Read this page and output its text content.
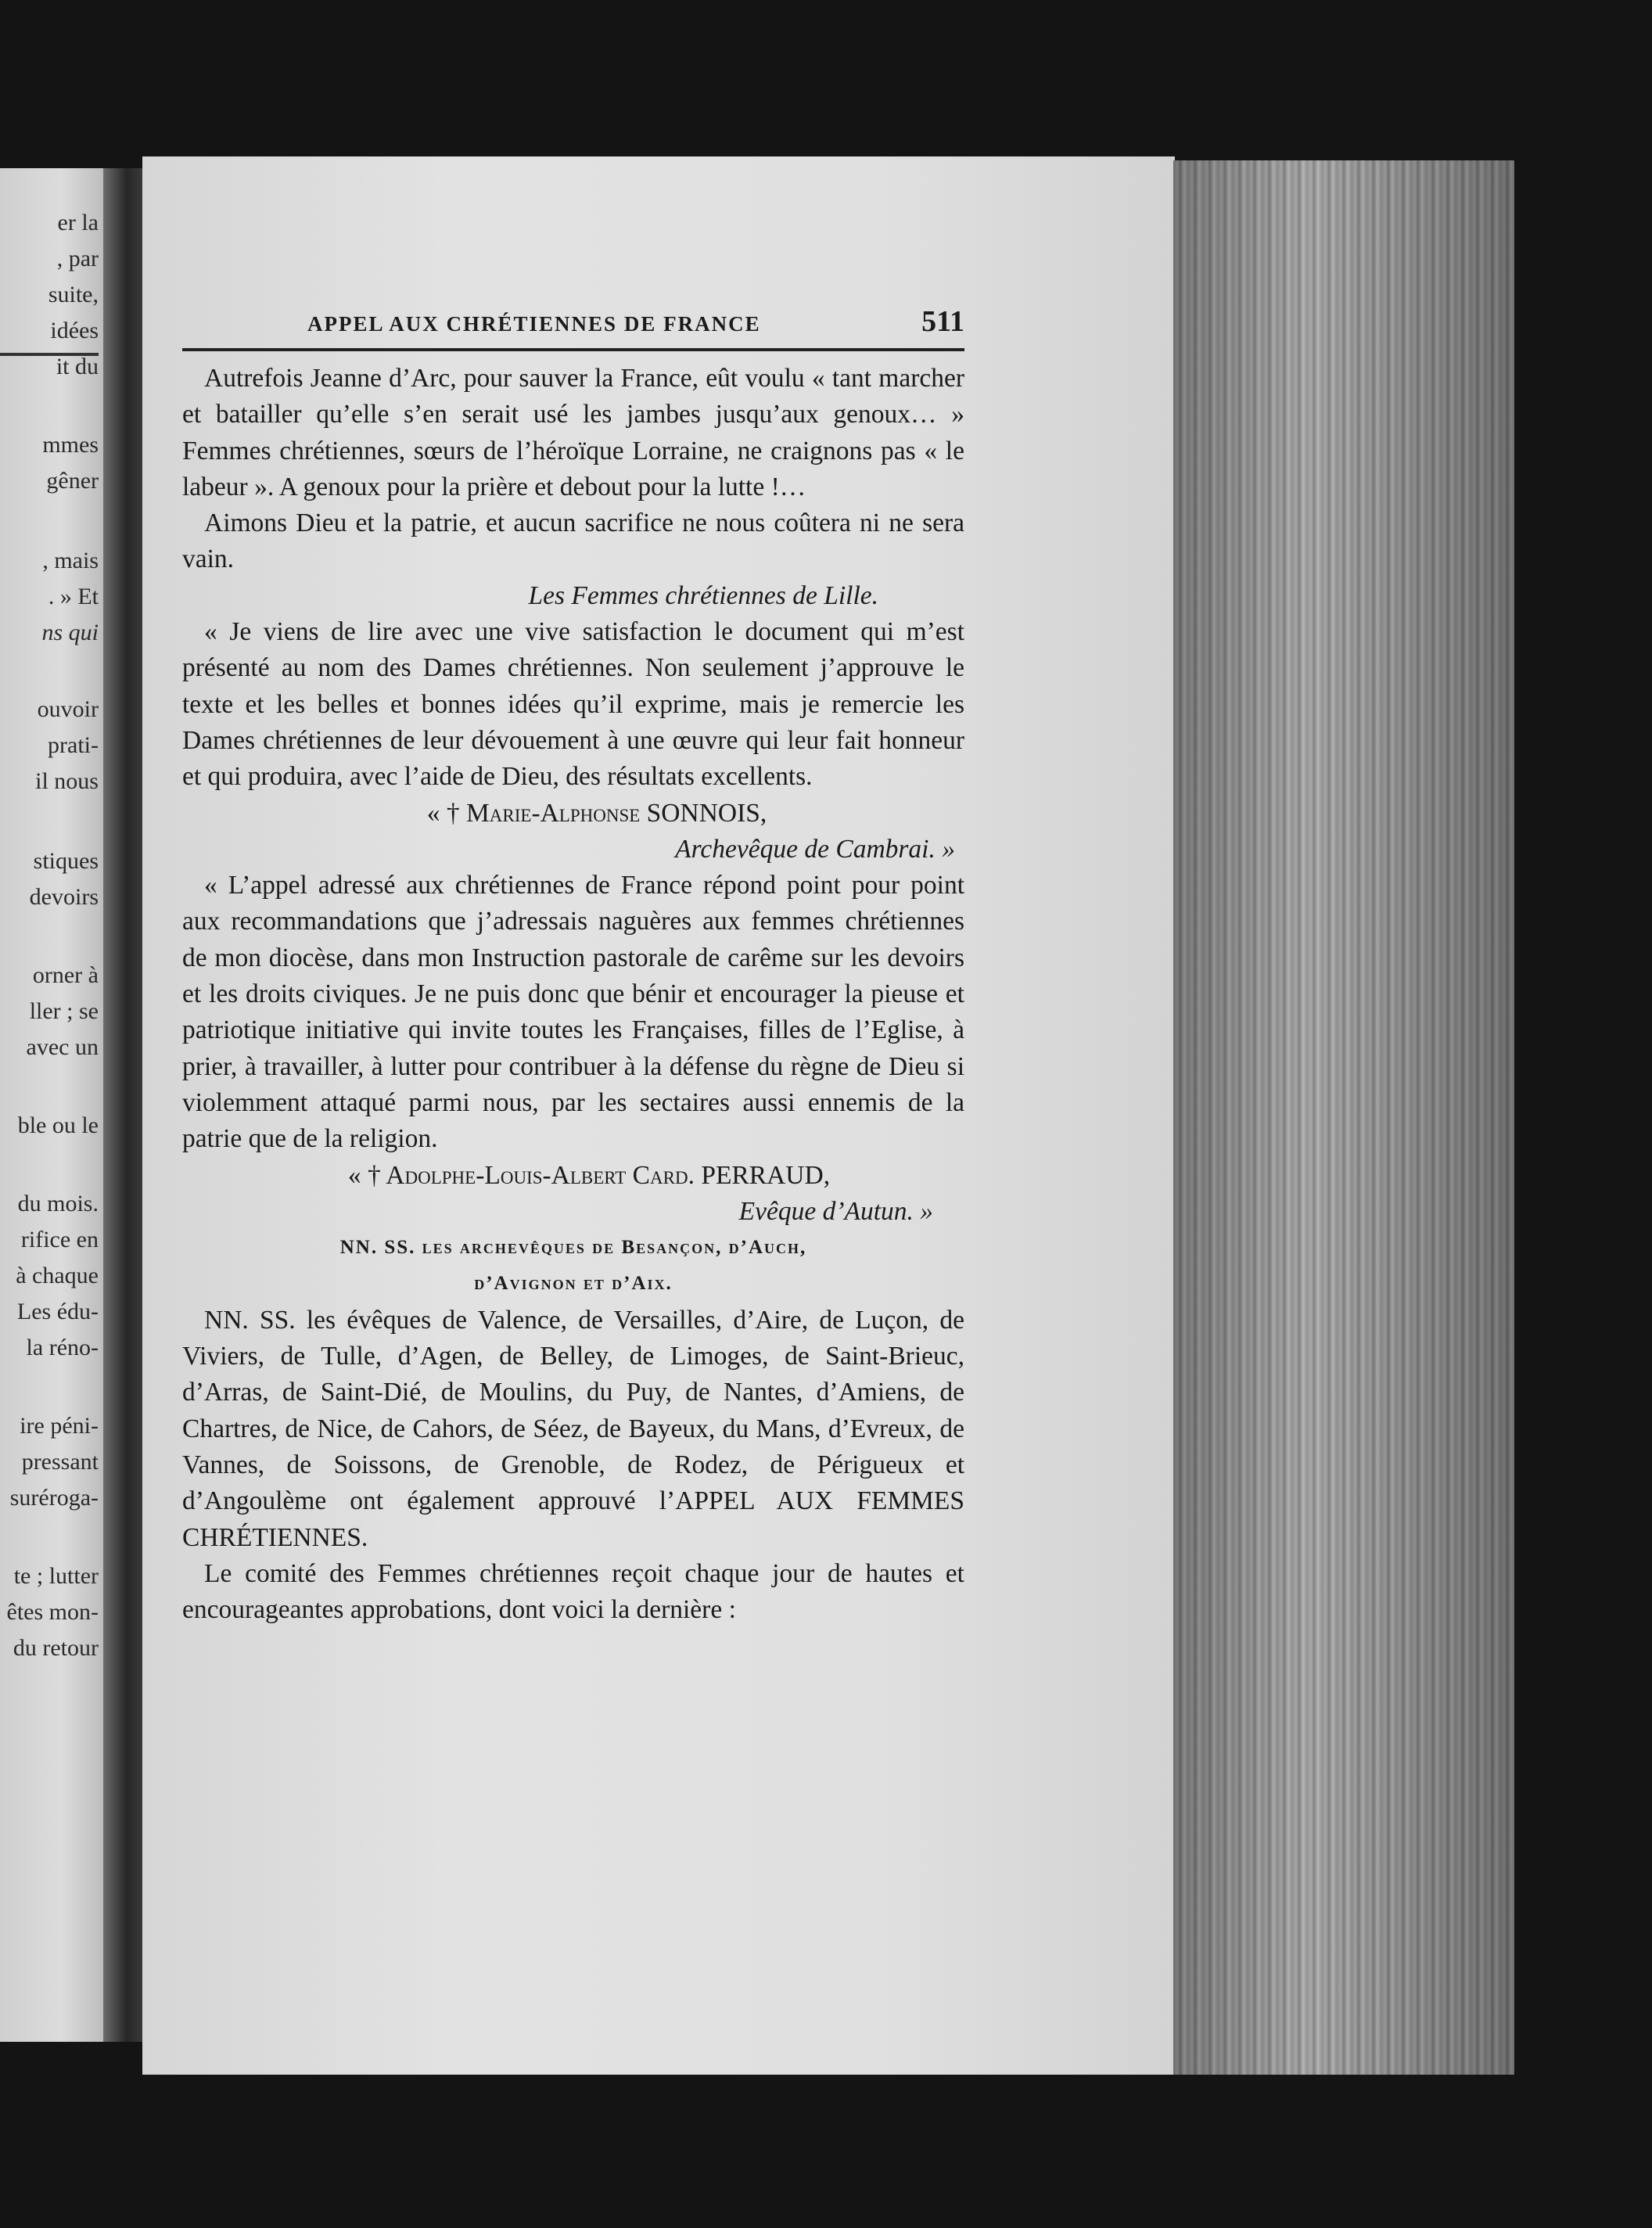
er la
, par
suite,
idées
it du
mmes
gêner
, mais
. » Et
ns qui
ouvoir
prati-
il nous
stiques
devoirs
orner à
ller ; se
avec un
ble ou le
du mois.
rifice en
à chaque
Les édu-
la réno-
ire péni-
pressant
surérogа-
te ; lutter
êtes mon-
du retour
APPEL AUX CHRÉTIENNES DE FRANCE	511

Autrefois Jeanne d’Arc, pour sauver la France, eût voulu « tant marcher et batailler qu’elle s’en serait usé les jambes jusqu’aux genoux… » Femmes chrétiennes, sœurs de l’héroïque Lorraine, ne craignons pas « le labeur ». A genoux pour la prière et debout pour la lutte !…

Aimons Dieu et la patrie, et aucun sacrifice ne nous coûtera ni ne sera vain.

Les Femmes chrétiennes de Lille.

« Je viens de lire avec une vive satisfaction le document qui m’est présenté au nom des Dames chrétiennes. Non seulement j’approuve le texte et les belles et bonnes idées qu’il exprime, mais je remercie les Dames chrétiennes de leur dévouement à une œuvre qui leur fait honneur et qui produira, avec l’aide de Dieu, des résultats excellents.

« † Marie-Alphonse SONNOIS,
Archevêque de Cambrai. »

« L’appel adressé aux chrétiennes de France répond point pour point aux recommandations que j’adressais naguères aux femmes chrétiennes de mon diocèse, dans mon Instruction pastorale de carême sur les devoirs et les droits civiques. Je ne puis donc que bénir et encourager la pieuse et patriotique initiative qui invite toutes les Françaises, filles de l’Eglise, à prier, à travailler, à lutter pour contribuer à la défense du règne de Dieu si violemment attaqué parmi nous, par les sectaires aussi ennemis de la patrie que de la religion.

« † Adolphe-Louis-Albert Card. PERRAUD,
Evêque d’Autun. »
NN. SS. les archevêques de Besançon, d’Auch,
d’Avignon et d’Aix.

NN. SS. les évêques de Valence, de Versailles, d’Aire, de Luçon, de Viviers, de Tulle, d’Agen, de Belley, de Limoges, de Saint-Brieuc, d’Arras, de Saint-Dié, de Moulins, du Puy, de Nantes, d’Amiens, de Chartres, de Nice, de Cahors, de Séez, de Bayeux, du Mans, d’Evreux, de Vannes, de Soissons, de Grenoble, de Rodez, de Périgueux et d’Angoulème ont également approuvé l’APPEL AUX FEMMES CHRÉTIENNES.

Le comité des Femmes chrétiennes reçoit chaque jour de hautes et encourageantes approbations, dont voici la dernière :
